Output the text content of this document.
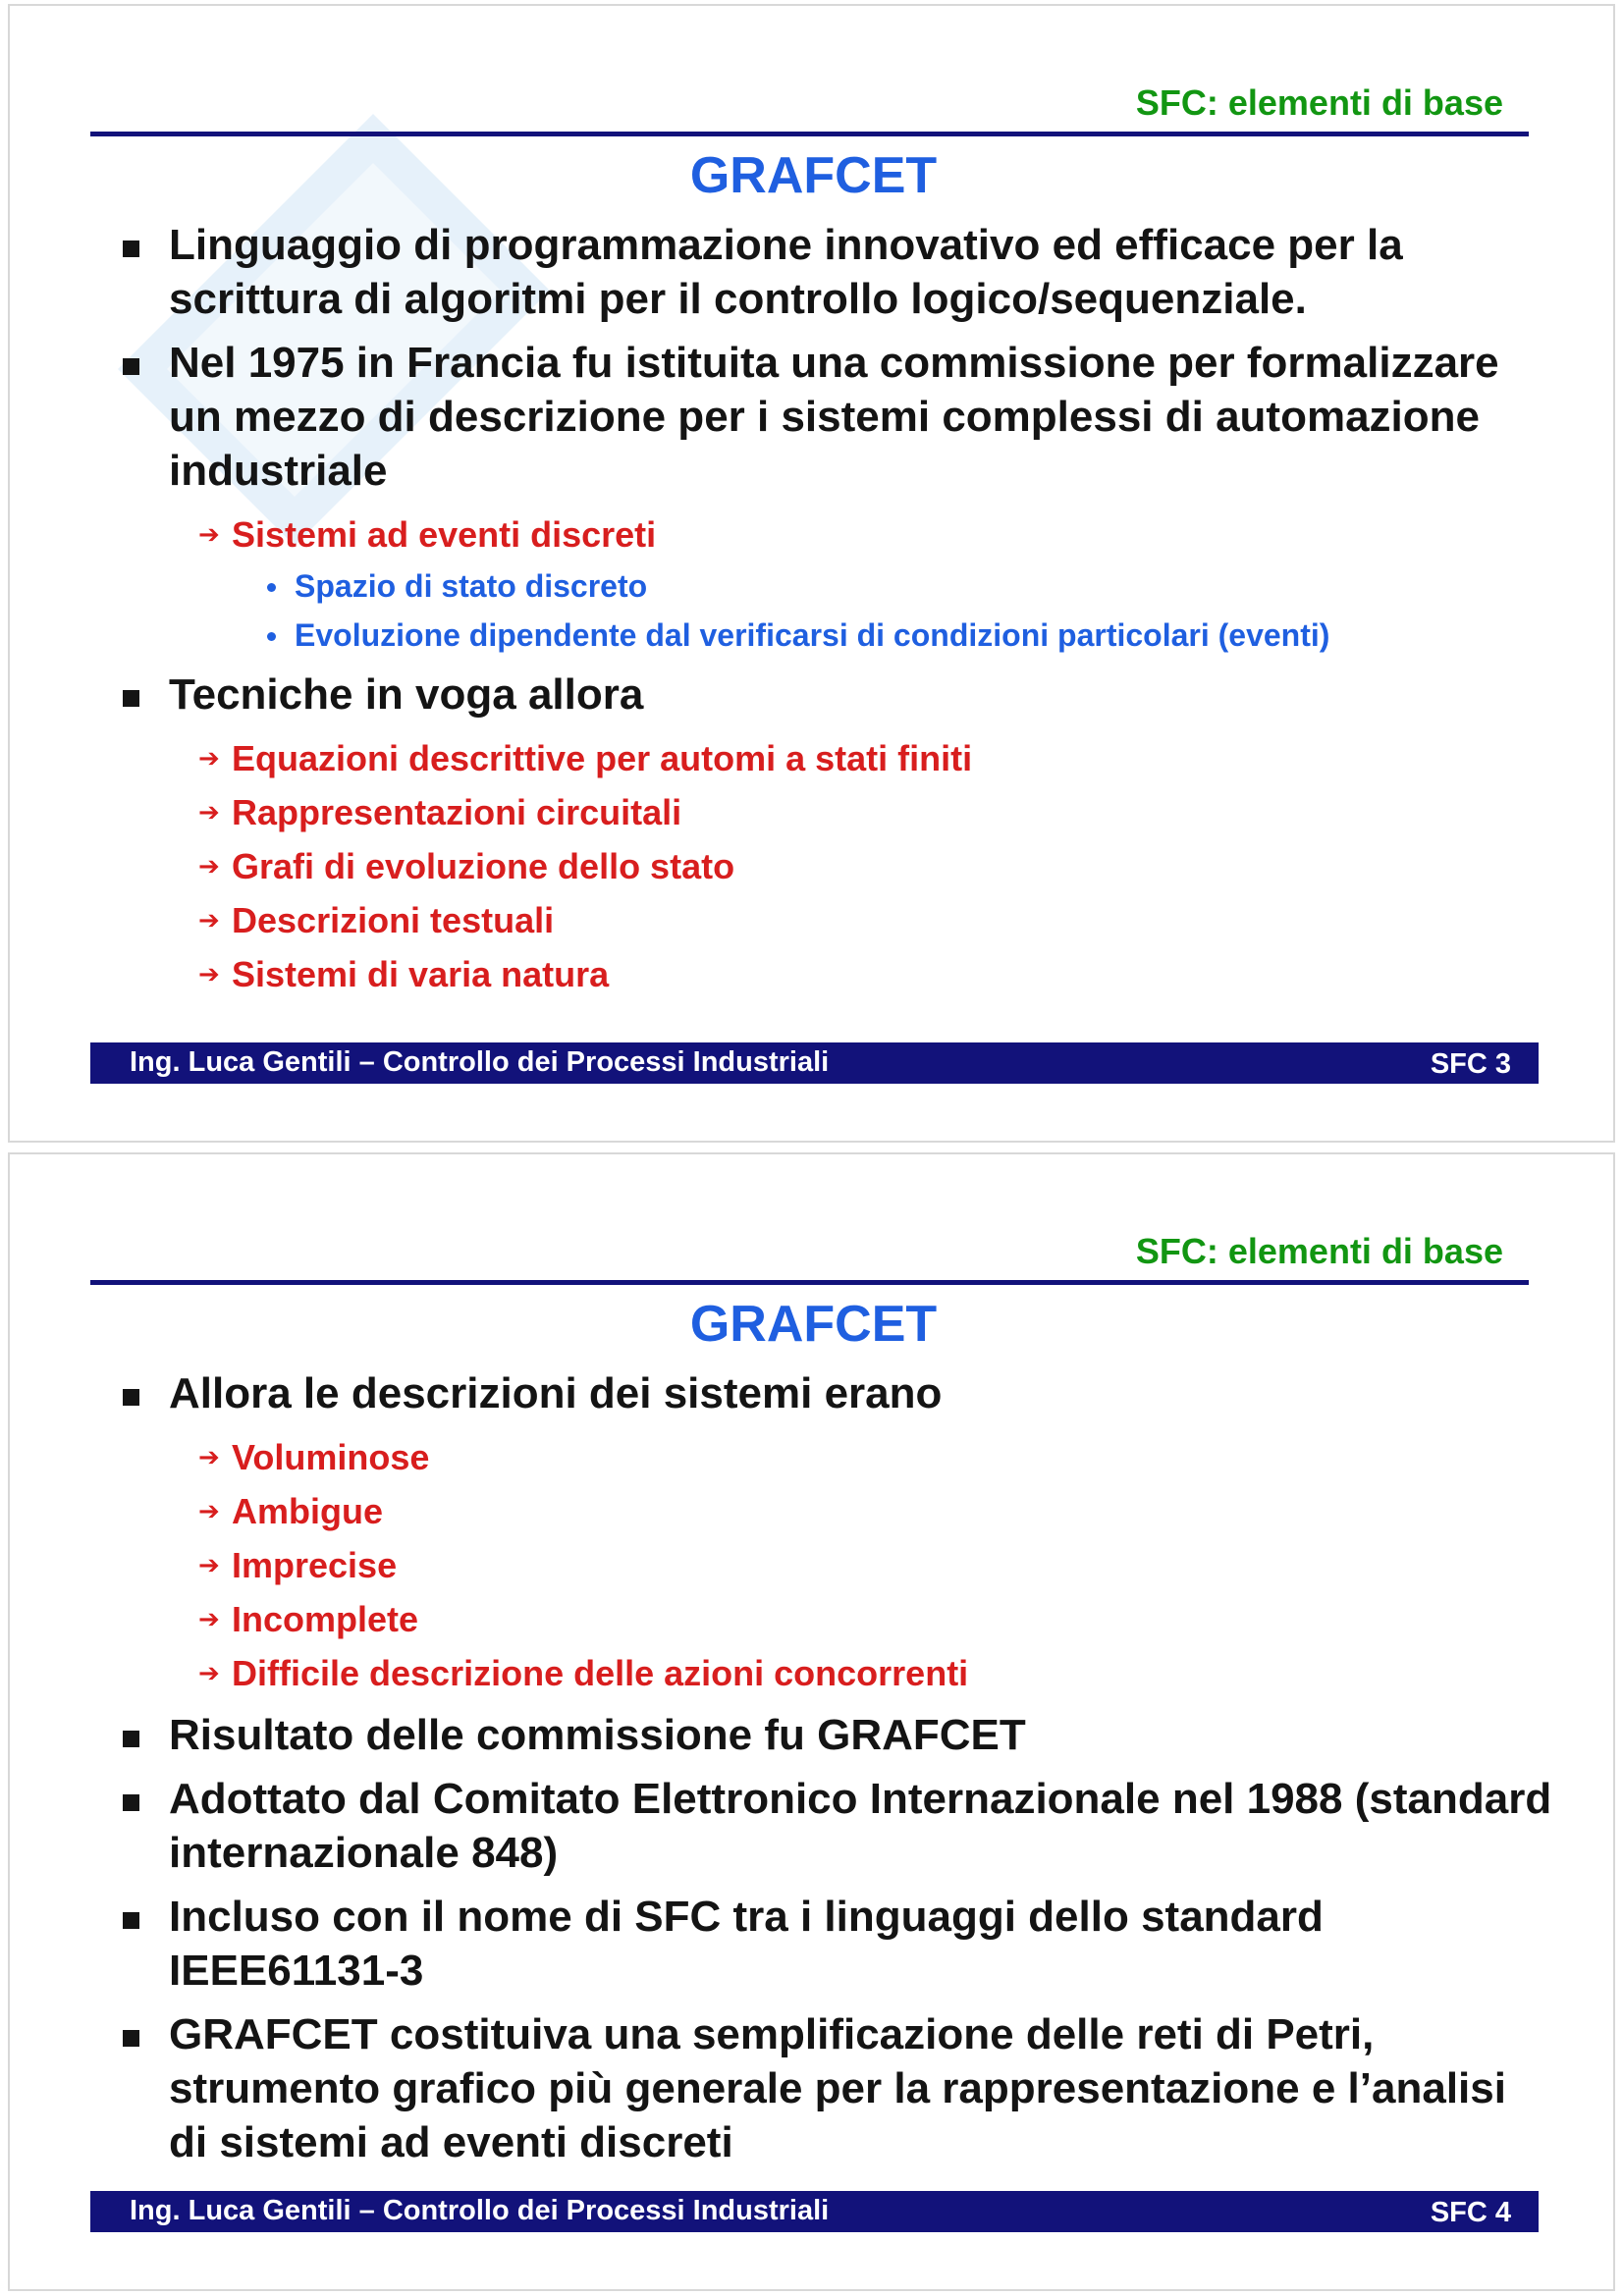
SFC: elementi di base
GRAFCET
Linguaggio di programmazione innovativo ed efficace per la scrittura di algoritmi per il controllo logico/sequenziale.
Nel 1975 in Francia fu istituita una commissione per formalizzare un mezzo di descrizione per i sistemi complessi di automazione industriale
➔ Sistemi ad eventi discreti
Spazio di stato discreto
Evoluzione dipendente dal verificarsi di condizioni particolari (eventi)
Tecniche in voga allora
➔ Equazioni descrittive per automi a stati finiti
➔ Rappresentazioni circuitali
➔ Grafi di evoluzione dello stato
➔ Descrizioni testuali
➔ Sistemi di varia natura
Ing. Luca Gentili – Controllo dei Processi Industriali	SFC 3
SFC: elementi di base
GRAFCET
Allora le descrizioni dei sistemi erano
➔ Voluminose
➔ Ambigue
➔ Imprecise
➔ Incomplete
➔ Difficile descrizione delle azioni concorrenti
Risultato delle commissione fu GRAFCET
Adottato dal Comitato Elettronico Internazionale nel 1988 (standard internazionale 848)
Incluso con il nome di SFC tra i linguaggi dello standard IEEE61131-3
GRAFCET costituiva una semplificazione delle reti di Petri, strumento grafico più generale per la rappresentazione e l’analisi di sistemi ad eventi discreti
Ing. Luca Gentili – Controllo dei Processi Industriali	SFC 4
